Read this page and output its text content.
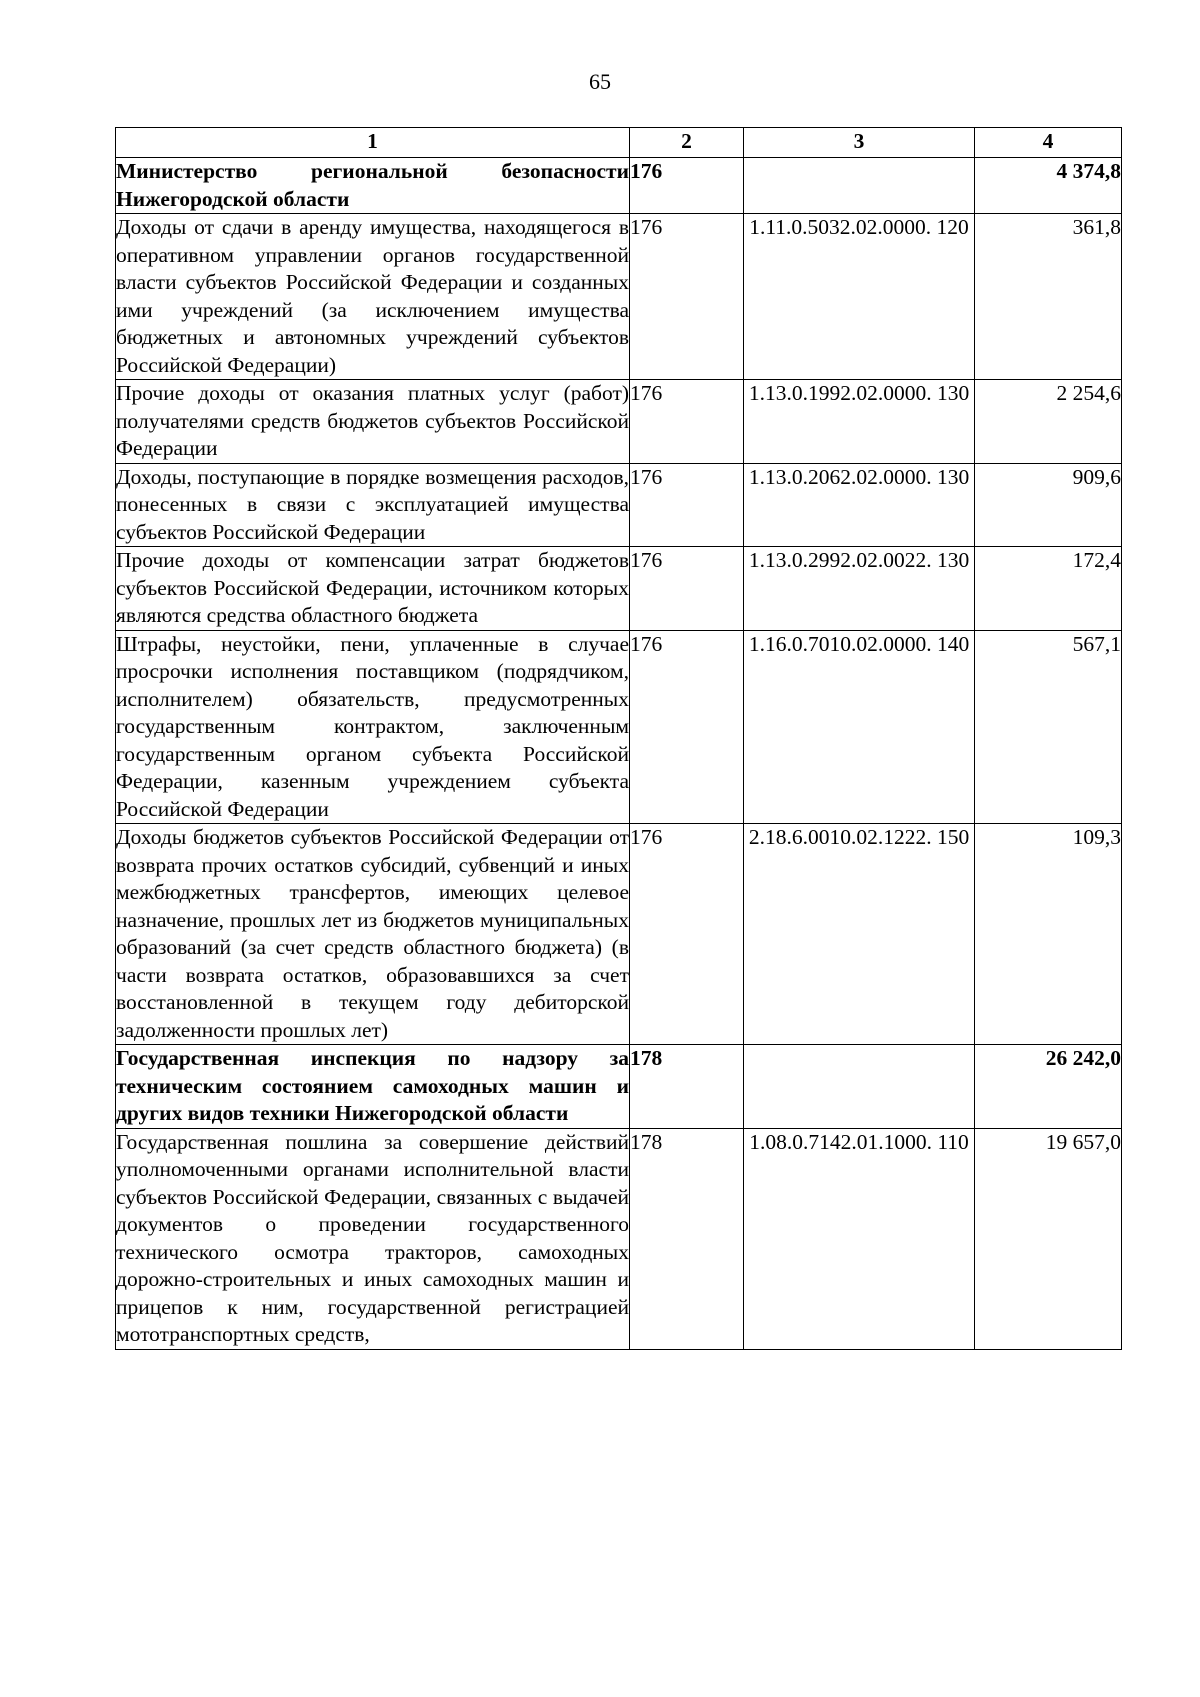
65
1	2	3	4
Министерство региональной безопасности Нижегородской области	176		4 374,8
Доходы от сдачи в аренду имущества, находящегося в оперативном управлении органов государственной власти субъектов Российской Федерации и созданных ими учреждений (за исключением имущества бюджетных и автономных учреждений субъектов Российской Федерации)	176	1.11.0.5032.02.0000. 120	361,8
Прочие доходы от оказания платных услуг (работ) получателями средств бюджетов субъектов Российской Федерации	176	1.13.0.1992.02.0000. 130	2 254,6
Доходы, поступающие в порядке возмещения расходов, понесенных в связи с эксплуатацией имущества субъектов Российской Федерации	176	1.13.0.2062.02.0000. 130	909,6
Прочие доходы от компенсации затрат бюджетов субъектов Российской Федерации, источником которых являются средства областного бюджета	176	1.13.0.2992.02.0022. 130	172,4
Штрафы, неустойки, пени, уплаченные в случае просрочки исполнения поставщиком (подрядчиком, исполнителем) обязательств, предусмотренных государственным контрактом, заключенным государственным органом субъекта Российской Федерации, казенным учреждением субъекта Российской Федерации	176	1.16.0.7010.02.0000. 140	567,1
Доходы бюджетов субъектов Российской Федерации от возврата прочих остатков субсидий, субвенций и иных межбюджетных трансфертов, имеющих целевое назначение, прошлых лет из бюджетов муниципальных образований (за счет средств областного бюджета) (в части возврата остатков, образовавшихся за счет восстановленной в текущем году дебиторской задолженности прошлых лет)	176	2.18.6.0010.02.1222. 150	109,3
Государственная инспекция по надзору за техническим состоянием самоходных машин и других видов техники Нижегородской области	178		26 242,0
Государственная пошлина за совершение действий уполномоченными органами исполнительной власти субъектов Российской Федерации, связанных с выдачей документов о проведении государственного технического осмотра тракторов, самоходных дорожно-строительных и иных самоходных машин и прицепов к ним, государственной регистрацией мототранспортных средств,	178	1.08.0.7142.01.1000. 110	19 657,0
